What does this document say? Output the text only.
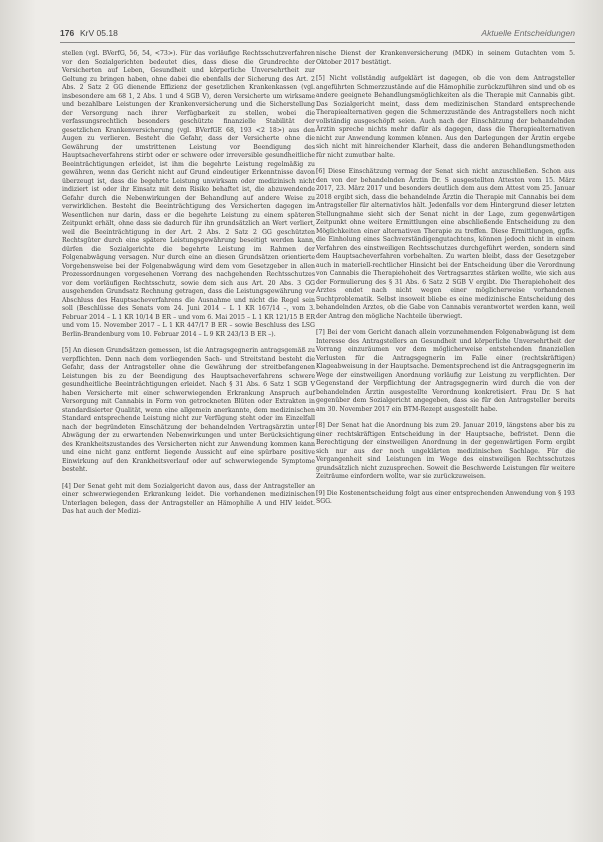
176 KrV 05.18	Aktuelle Entscheidungen

stellen (vgl. BVerfG, 56, 54, <73>). Für das vorläufige Rechtsschutzverfahren vor den Sozialgerichten bedeutet dies, dass diese die Grundrechte der Versicherten auf Leben, Gesundheit und körperliche Unversehrtheit zur Geltung zu bringen haben, ohne dabei die ebenfalls der Sicherung des Art. 2 Abs. 2 Satz 2 GG dienende Effizienz der gesetzlichen Krankenkassen (vgl. insbesondere am 68 1, 2 Abs. 1 und 4 SGB V), deren Versicherte um wirksame und bezahlbare Leistungen der Krankenversicherung und die Sicherstellung der Versorgung nach ihrer Verfügbarkeit zu stellen, wobei die verfassungsrechtlich besonders geschützte finanzielle Stabilität der gesetzlichen Krankenversicherung (vgl. BVerfGE 68, 193 <2 18>) aus den Augen zu verlieren. Besteht die Gefahr, dass der Versicherte ohne die Gewährung der umstrittenen Leistung vor Beendigung des Hauptsacheverfahrens stirbt oder er schwere oder irreversible gesundheitliche Beeinträchtigungen erleidet, ist ihm die begehrte Leistung regelmäßig zu gewähren, wenn das Gericht nicht auf Grund eindeutiger Erkenntnisse davon überzeugt ist, dass die begehrte Leistung unwirksam oder medizinisch nicht indiziert ist oder ihr Einsatz mit dem Risiko behaftet ist, die abzuwendende Gefahr durch die Nebenwirkungen der Behandlung auf andere Weise zu verwirklichen. Besteht die Beeinträchtigung des Versicherten dagegen im Wesentlichen nur darin, dass er die begehrte Leistung zu einem späteren Zeitpunkt erhält, ohne dass sie dadurch für ihn grundsätzlich an Wert verliert, weil die Beeinträchtigung in der Art. 2 Abs. 2 Satz 2 GG geschützten Rechtsgüter durch eine spätere Leistungsgewährung beseitigt werden kann, dürfen die Sozialgerichte die begehrte Leistung im Rahmen der Folgenabwägung versagen. Nur durch eine an diesen Grundsätzen orientierte Vorgehensweise bei der Folgenabwägung wird dem vom Gesetzgeber in allen Prozessordnungen vorgesehenen Vorrang des nachgehenden Rechtsschutzes vor dem vorläufigen Rechtsschutz, sowie dem sich aus Art. 20 Abs. 3 GG ausgehenden Grundsatz Rechnung getragen, dass die Leistungsgewährung vor Abschluss des Hauptsacheverfahrens die Ausnahme und nicht die Regel sein soll (Beschlüsse des Senats vom 24. Juni 2014 – L 1 KR 167/14 –, vom 3. Februar 2014 – L 1 KR 10/14 B ER – und vom 6. Mai 2015 – L 1 KR 121/15 B ER und vom 15. November 2017 – L 1 KR 447/17 B ER – sowie Beschluss des LSG Berlin-Brandenburg vom 10. Februar 2014 – L 9 KR 243/13 B ER –).

[5] An diesen Grundsätzen gemessen, ist die Antragsgegnerin antragsgemäß zu verpflichten. Denn nach dem vorliegenden Sach- und Streitstand besteht die Gefahr, dass der Antragsteller ohne die Gewährung der streitbefangenen Leistungen bis zu der Beendigung des Hauptsacheverfahrens schwere gesundheitliche Beeinträchtigungen erleidet. Nach § 31 Abs. 6 Satz 1 SGB V haben Versicherte mit einer schwerwiegenden Erkrankung Anspruch auf Versorgung mit Cannabis in Form von getrockneten Blüten oder Extrakten in standardisierter Qualität, wenn eine allgemein anerkannte, dem medizinischen Standard entsprechende Leistung nicht zur Verfügung steht oder im Einzelfall nach der begründeten Einschätzung der behandelnden Vertragsärztin unter Abwägung der zu erwartenden Nebenwirkungen und unter Berücksichtigung des Krankheitszustandes des Versicherten nicht zur Anwendung kommen kann und eine nicht ganz entfernt liegende Aussicht auf eine spürbare positive Einwirkung auf den Krankheitsverlauf oder auf schwerwiegende Symptome besteht.

[4] Der Senat geht mit dem Sozialgericht davon aus, dass der Antragsteller an einer schwerwiegenden Erkrankung leidet. Die vorhandenen medizinischen Unterlagen belegen, dass der Antragsteller an Hämophilie A und HIV leidet. Das hat auch der Medizi-

nische Dienst der Krankenversicherung (MDK) in seinem Gutachten vom 5. Oktober 2017 bestätigt.

[5] Nicht vollständig aufgeklärt ist dagegen, ob die von dem Antragsteller angeführten Schmerzzustände auf die Hämophilie zurückzuführen sind und ob es andere geeignete Behandlungsmöglichkeiten als die Therapie mit Cannabis gibt. Das Sozialgericht meint, dass dem medizinischen Standard entsprechende Therapiealternativen gegen die Schmerzzustände des Antragstellers noch nicht vollständig ausgeschöpft seien. Auch nach der Einschätzung der behandelnden Ärztin spreche nichts mehr dafür als dagegen, dass die Therapiealternativen nicht zur Anwendung kommen können. Aus den Darlegungen der Ärztin ergebe sich nicht mit hinreichender Klarheit, dass die anderen Behandlungsmethoden für nicht zumutbar halte.

[6] Diese Einschätzung vermag der Senat sich nicht anzuschließen. Schon aus den von der behandelnden Ärztin Dr. S ausgestellten Attesten vom 15. März 2017, 23. März 2017 und besonders deutlich dem aus dem Attest vom 25. Januar 2018 ergibt sich, dass die behandelnde Ärztin die Therapie mit Cannabis bei dem Antragsteller für alternativlos hält. Jedenfalls vor dem Hintergrund dieser letzten Stellungnahme sieht sich der Senat nicht in der Lage, zum gegenwärtigen Zeitpunkt ohne weitere Ermittlungen eine abschließende Entscheidung zu den Möglichkeiten einer alternativen Therapie zu treffen. Diese Ermittlungen, ggfls. die Einholung eines Sachverständigengutachtens, können jedoch nicht in einem Verfahren des einstweiligen Rechtsschutzes durchgeführt werden, sondern sind dem Hauptsacheverfahren vorbehalten. Zu warten bleibt, dass der Gesetzgeber auch in materiell-rechtlicher Hinsicht bei der Entscheidung über die Verordnung von Cannabis die Therapiehoheit des Vertragsarztes stärken wollte, wie sich aus der Formulierung des § 31 Abs. 6 Satz 2 SGB V ergibt. Die Therapiehoheit des Arztes endet nach nicht wegen einer möglicherweise vorhandenen Suchtproblematik. Selbst insoweit bliebe es eine medizinische Entscheidung des behandelnden Arztes, ob die Gabe von Cannabis verantwortet werden kann, weil der Antrag den mögliche Nachteile überwiegt.

[7] Bei der vom Gericht danach allein vorzunehmenden Folgenabwägung ist dem Interesse des Antragstellers an Gesundheit und körperliche Unversehrtheit der Vorrang einzuräumen vor dem möglicherweise entstehenden finanziellen Verlusten für die Antragsgegnerin im Falle einer (rechtskräftigen) Klageabweisung in der Hauptsache. Dementsprechend ist die Antragsgegnerin im Wege der einstweiligen Anordnung vorläufig zur Leistung zu verpflichten. Der Gegenstand der Verpflichtung der Antragsgegnerin wird durch die von der behandelnden Ärztin ausgestellte Verordnung konkretisiert. Frau Dr. S hat gegenüber dem Sozialgericht angegeben, dass sie für den Antragsteller bereits am 30. November 2017 ein BTM-Rezept ausgestellt habe.

[8] Der Senat hat die Anordnung bis zum 29. Januar 2019, längstens aber bis zu einer rechtskräftigen Entscheidung in der Hauptsache, befristet. Denn die Berechtigung der einstweiligen Anordnung in der gegenwärtigen Form ergibt sich nur aus der noch ungeklärten medizinischen Sachlage. Für die Vergangenheit sind Leistungen im Wege des einstweiligen Rechtsschutzes grundsätzlich nicht zuzusprechen. Soweit die Beschwerde Leistungen für weitere Zeiträume einfordern wollte, war sie zurückzuweisen.

[9] Die Kostenentscheidung folgt aus einer entsprechenden Anwendung von § 193 SGG.
